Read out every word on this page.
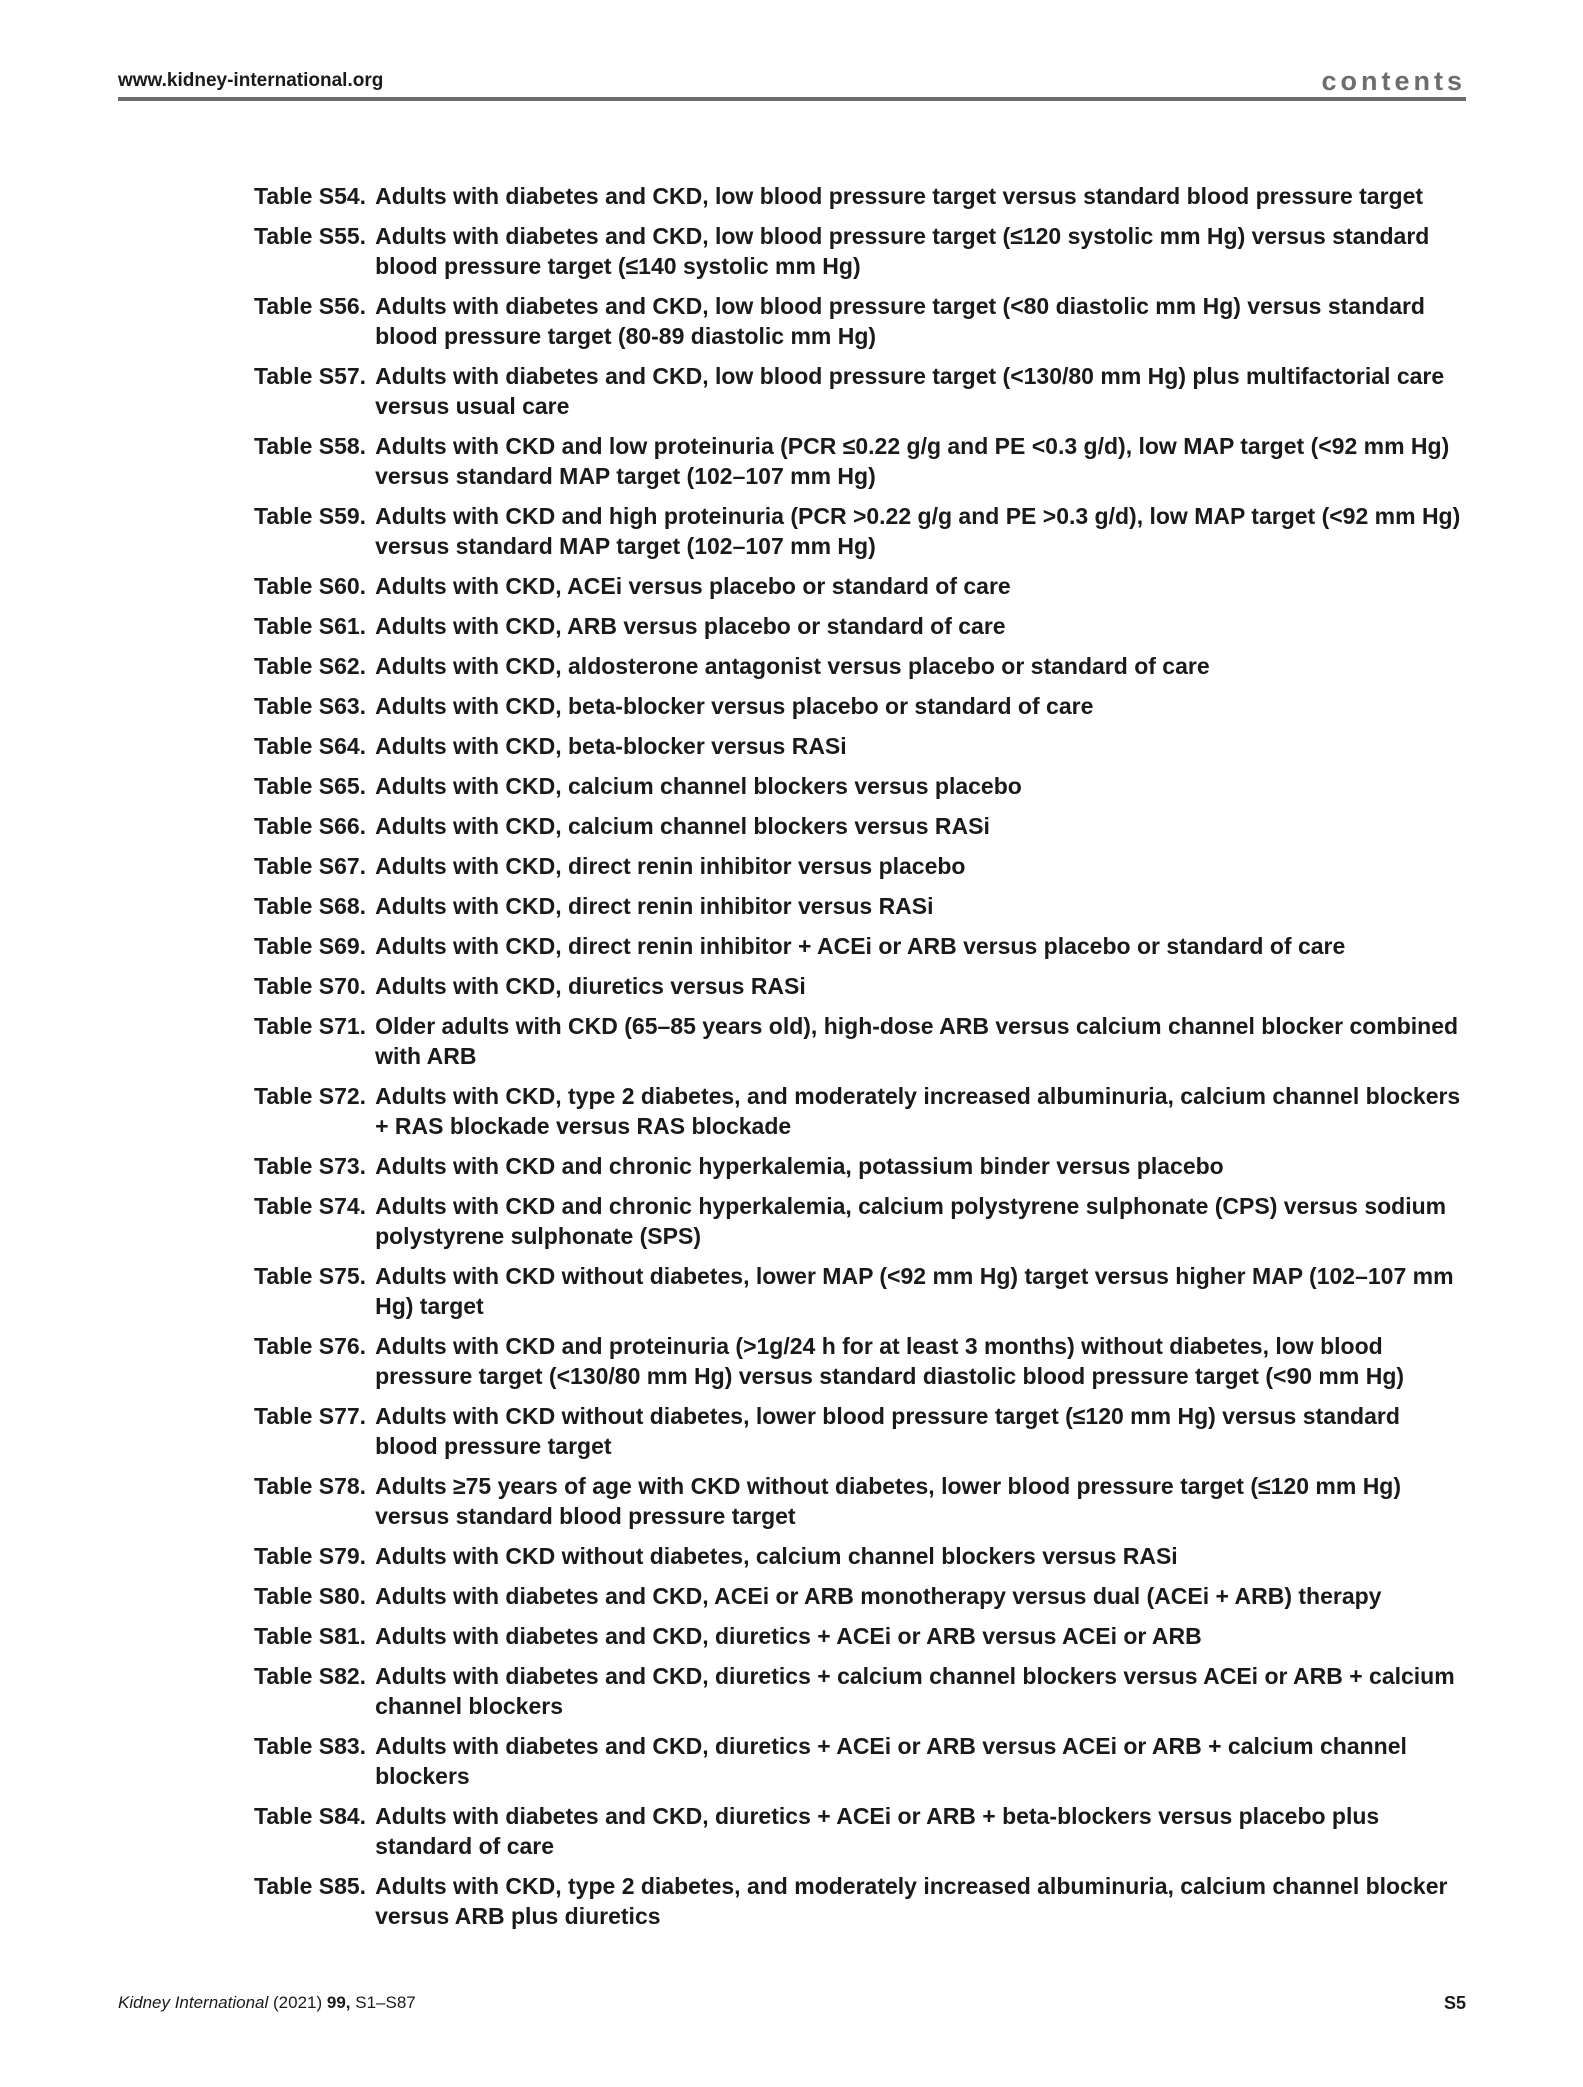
www.kidney-international.org	contents
Table S54. Adults with diabetes and CKD, low blood pressure target versus standard blood pressure target
Table S55. Adults with diabetes and CKD, low blood pressure target (≤120 systolic mm Hg) versus standard blood pressure target (≤140 systolic mm Hg)
Table S56. Adults with diabetes and CKD, low blood pressure target (<80 diastolic mm Hg) versus standard blood pressure target (80-89 diastolic mm Hg)
Table S57. Adults with diabetes and CKD, low blood pressure target (<130/80 mm Hg) plus multifactorial care versus usual care
Table S58. Adults with CKD and low proteinuria (PCR ≤0.22 g/g and PE <0.3 g/d), low MAP target (<92 mm Hg) versus standard MAP target (102–107 mm Hg)
Table S59. Adults with CKD and high proteinuria (PCR >0.22 g/g and PE >0.3 g/d), low MAP target (<92 mm Hg) versus standard MAP target (102–107 mm Hg)
Table S60. Adults with CKD, ACEi versus placebo or standard of care
Table S61. Adults with CKD, ARB versus placebo or standard of care
Table S62. Adults with CKD, aldosterone antagonist versus placebo or standard of care
Table S63. Adults with CKD, beta-blocker versus placebo or standard of care
Table S64. Adults with CKD, beta-blocker versus RASi
Table S65. Adults with CKD, calcium channel blockers versus placebo
Table S66. Adults with CKD, calcium channel blockers versus RASi
Table S67. Adults with CKD, direct renin inhibitor versus placebo
Table S68. Adults with CKD, direct renin inhibitor versus RASi
Table S69. Adults with CKD, direct renin inhibitor + ACEi or ARB versus placebo or standard of care
Table S70. Adults with CKD, diuretics versus RASi
Table S71. Older adults with CKD (65–85 years old), high-dose ARB versus calcium channel blocker combined with ARB
Table S72. Adults with CKD, type 2 diabetes, and moderately increased albuminuria, calcium channel blockers + RAS blockade versus RAS blockade
Table S73. Adults with CKD and chronic hyperkalemia, potassium binder versus placebo
Table S74. Adults with CKD and chronic hyperkalemia, calcium polystyrene sulphonate (CPS) versus sodium polystyrene sulphonate (SPS)
Table S75. Adults with CKD without diabetes, lower MAP (<92 mm Hg) target versus higher MAP (102–107 mm Hg) target
Table S76. Adults with CKD and proteinuria (>1g/24 h for at least 3 months) without diabetes, low blood pressure target (<130/80 mm Hg) versus standard diastolic blood pressure target (<90 mm Hg)
Table S77. Adults with CKD without diabetes, lower blood pressure target (≤120 mm Hg) versus standard blood pressure target
Table S78. Adults ≥75 years of age with CKD without diabetes, lower blood pressure target (≤120 mm Hg) versus standard blood pressure target
Table S79. Adults with CKD without diabetes, calcium channel blockers versus RASi
Table S80. Adults with diabetes and CKD, ACEi or ARB monotherapy versus dual (ACEi + ARB) therapy
Table S81. Adults with diabetes and CKD, diuretics + ACEi or ARB versus ACEi or ARB
Table S82. Adults with diabetes and CKD, diuretics + calcium channel blockers versus ACEi or ARB + calcium channel blockers
Table S83. Adults with diabetes and CKD, diuretics + ACEi or ARB versus ACEi or ARB + calcium channel blockers
Table S84. Adults with diabetes and CKD, diuretics + ACEi or ARB + beta-blockers versus placebo plus standard of care
Table S85. Adults with CKD, type 2 diabetes, and moderately increased albuminuria, calcium channel blocker versus ARB plus diuretics
Kidney International (2021) 99, S1–S87	S5
